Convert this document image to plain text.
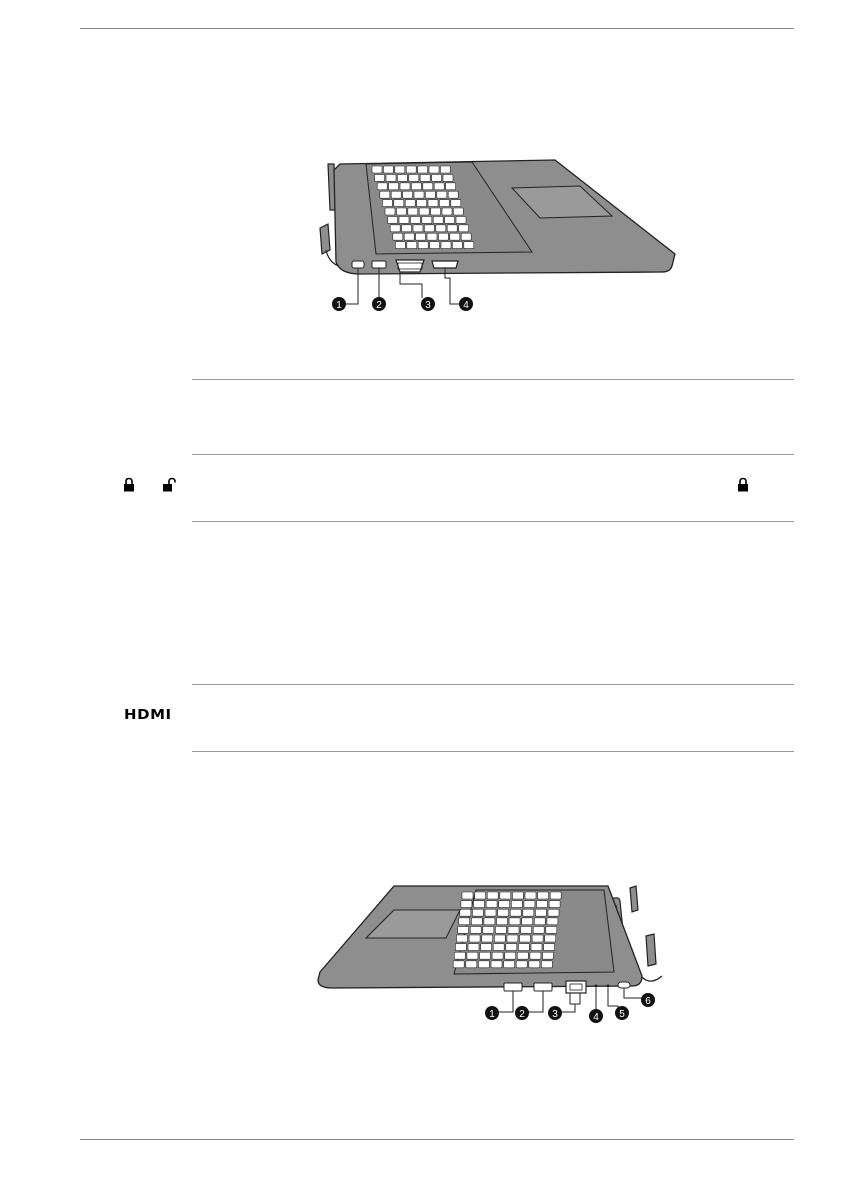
1	2	3	4
HDMI
1 2	3	4 5
6
